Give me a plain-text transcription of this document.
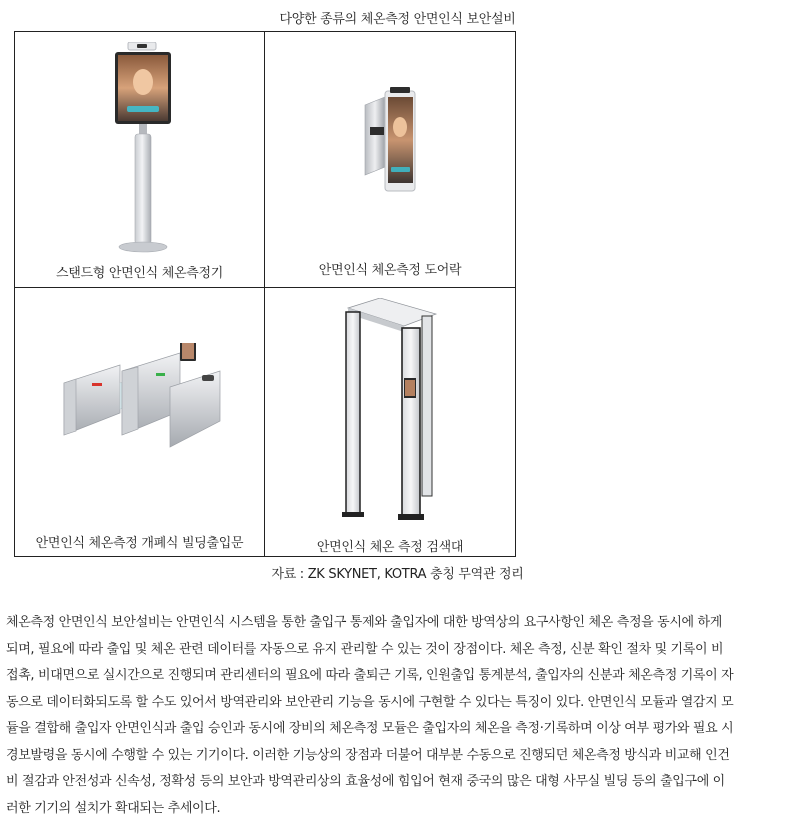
다양한 종류의 체온측정 안면인식 보안설비
스탠드형 안면인식 체온측정기	안면인식 체온측정 도어락
안면인식 체온측정 개폐식 빌딩출입문	안면인식 체온 측정 검색대
자료 : ZK SKYNET, KOTRA 충칭 무역관 정리

체온측정 안면인식 보안설비는 안면인식 시스템을 통한 출입구 통제와 출입자에 대한 방역상의 요구사항인 체온 측정을 동시에 하게
되며, 필요에 따라 출입 및 체온 관련 데이터를 자동으로 유지 관리할 수 있는 것이 장점이다. 체온 측정, 신분 확인 절차 및 기록이 비
접촉, 비대면으로 실시간으로 진행되며 관리센터의 필요에 따라 출퇴근 기록, 인원출입 통계분석, 출입자의 신분과 체온측정 기록이 자
동으로 데이터화되도록 할 수도 있어서 방역관리와 보안관리 기능을 동시에 구현할 수 있다는 특징이 있다. 안면인식 모듈과 열감지 모
듈을 결합해 출입자 안면인식과 출입 승인과 동시에 장비의 체온측정 모듈은 출입자의 체온을 측정·기록하며 이상 여부 평가와 필요 시
경보발령을 동시에 수행할 수 있는 기기이다. 이러한 기능상의 장점과 더불어 대부분 수동으로 진행되던 체온측정 방식과 비교해 인건
비 절감과 안전성과 신속성, 정확성 등의 보안과 방역관리상의 효율성에 힘입어 현재 중국의 많은 대형 사무실 빌딩 등의 출입구에 이
러한 기기의 설치가 확대되는 추세이다.
